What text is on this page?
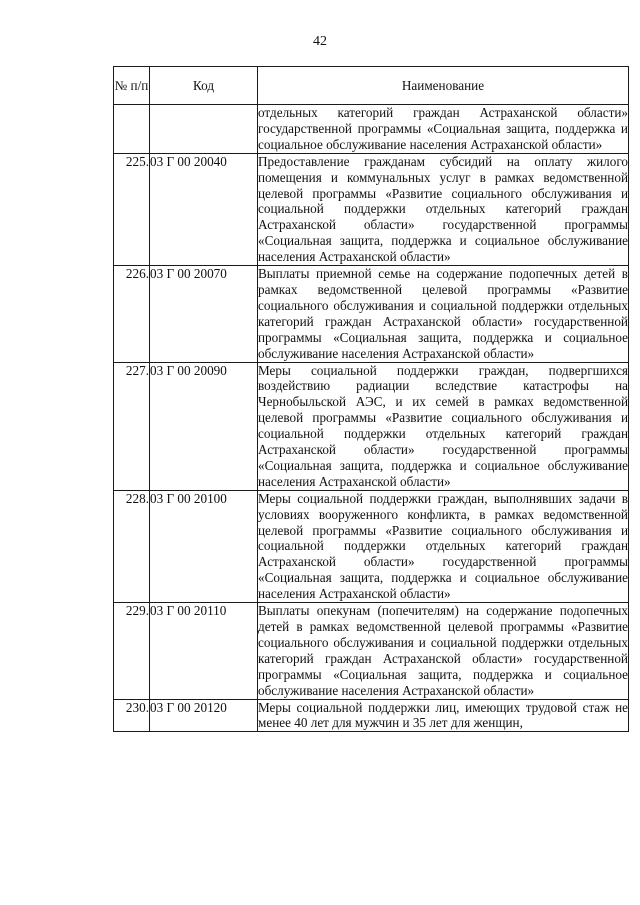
42
№ п/п	Код	Наименование
		отдельных категорий граждан Астраханской области» государственной программы «Социальная защита, поддержка и социальное обслуживание населения Астраханской области»
225.	03 Г 00 20040	Предоставление гражданам субсидий на оплату жилого помещения и коммунальных услуг в рамках ведомственной целевой программы «Развитие социального обслуживания и социальной поддержки отдельных категорий граждан Астраханской области» государственной программы «Социальная защита, поддержка и социальное обслуживание населения Астраханской области»
226.	03 Г 00 20070	Выплаты приемной семье на содержание подопечных детей в рамках ведомственной целевой программы «Развитие социального обслуживания и социальной поддержки отдельных категорий граждан Астраханской области» государственной программы «Социальная защита, поддержка и социальное обслуживание населения Астраханской области»
227.	03 Г 00 20090	Меры социальной поддержки граждан, подвергшихся воздействию радиации вследствие катастрофы на Чернобыльской АЭС, и их семей в рамках ведомственной целевой программы «Развитие социального обслуживания и социальной поддержки отдельных категорий граждан Астраханской области» государственной программы «Социальная защита, поддержка и социальное обслуживание населения Астраханской области»
228.	03 Г 00 20100	Меры социальной поддержки граждан, выполнявших задачи в условиях вооруженного конфликта, в рамках ведомственной целевой программы «Развитие социального обслуживания и социальной поддержки отдельных категорий граждан Астраханской области» государственной программы «Социальная защита, поддержка и социальное обслуживание населения Астраханской области»
229.	03 Г 00 20110	Выплаты опекунам (попечителям) на содержание подопечных детей в рамках ведомственной целевой программы «Развитие социального обслуживания и социальной поддержки отдельных категорий граждан Астраханской области» государственной программы «Социальная защита, поддержка и социальное обслуживание населения Астраханской области»
230.	03 Г 00 20120	Меры социальной поддержки лиц, имеющих трудовой стаж не менее 40 лет для мужчин и 35 лет для женщин,
